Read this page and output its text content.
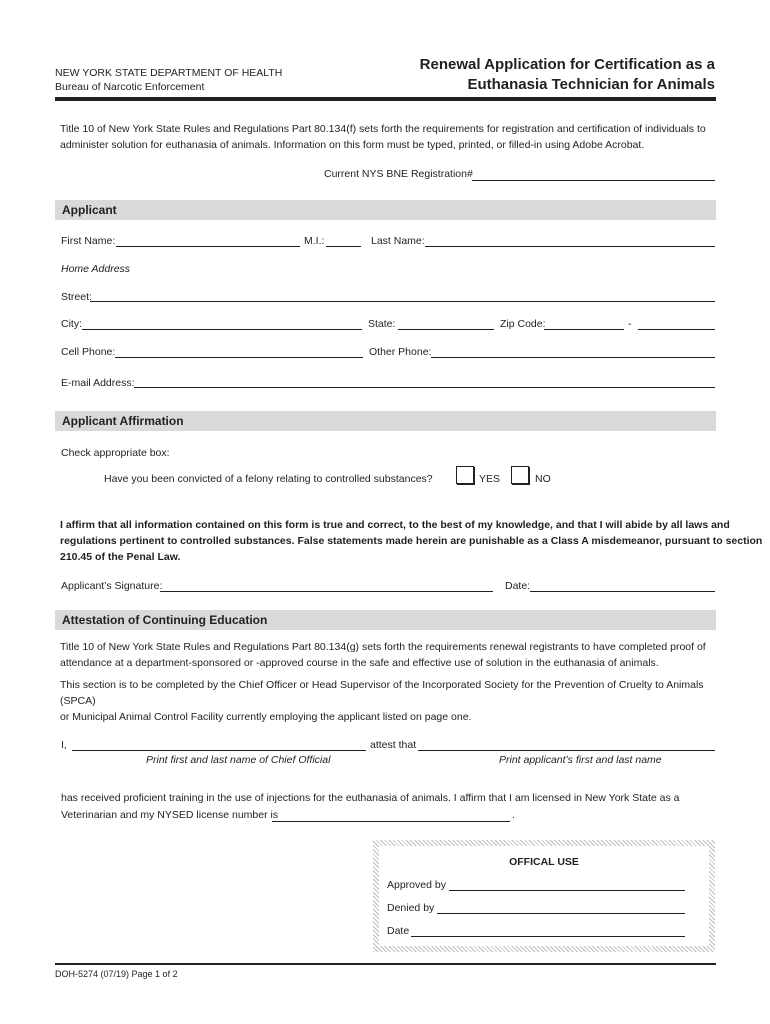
NEW YORK STATE DEPARTMENT OF HEALTH
Bureau of Narcotic Enforcement
Renewal Application for Certification as a
Euthanasia Technician for Animals
Title 10 of New York State Rules and Regulations Part 80.134(f) sets forth the requirements for registration and certification of individuals to
administer solution for euthanasia of animals. Information on this form must be typed, printed, or filled-in using Adobe Acrobat.
Current NYS BNE Registration#
Applicant
First Name:	M.I.:	Last Name:
Home Address
Street:
City:	State:	Zip Code:	-
Cell Phone:	Other Phone:
E-mail Address:
Applicant Affirmation
Check appropriate box:
Have you been convicted of a felony relating to controlled substances?	YES	NO
I affirm that all information contained on this form is true and correct, to the best of my knowledge, and that I will abide by all laws and
regulations pertinent to controlled substances. False statements made herein are punishable as a Class A misdemeanor, pursuant to section
210.45 of the Penal Law.
Applicant’s Signature:	Date:
Attestation of Continuing Education
Title 10 of New York State Rules and Regulations Part 80.134(g) sets forth the requirements renewal registrants to have completed proof of
attendance at a department-sponsored or -approved course in the safe and effective use of solution in the euthanasia of animals.
This section is to be completed by the Chief Officer or Head Supervisor of the Incorporated Society for the Prevention of Cruelty to Animals (SPCA)
or Municipal Animal Control Facility currently employing the applicant listed on page one.
I,	attest that
Print first and last name of Chief Official	Print applicant’s first and last name
has received proficient training in the use of injections for the euthanasia of animals. I affirm that I am licensed in New York State as a
Veterinarian and my NYSED license number is	.
OFFICAL USE
Approved by
Denied by
Date
DOH-5274 (07/19) Page 1 of 2
